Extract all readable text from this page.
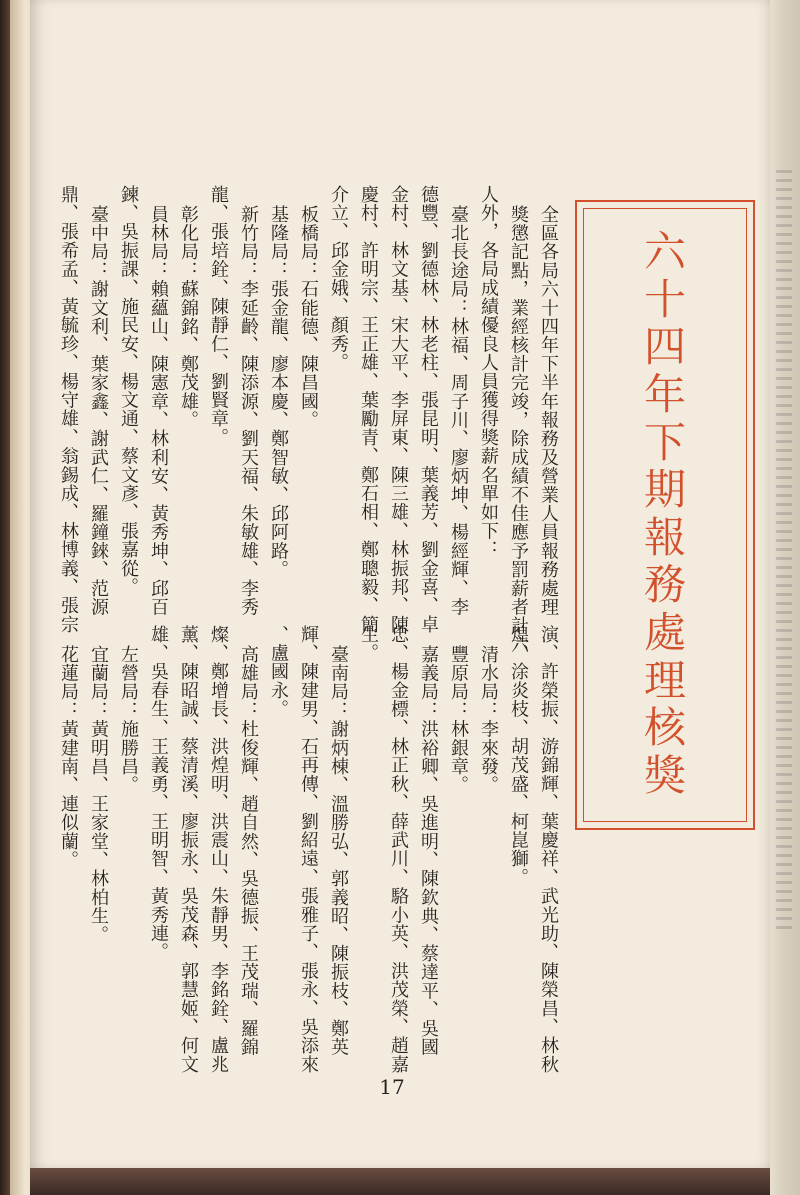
六
十
四
年
下
期
報
務
處
理
核
獎
全區各局六十四年下半年報務及營業人員報務處理
獎懲記點，業經核計完竣，除成績不佳應予罰薪者計六
人外，各局成績優良人員獲得獎薪名單如下：
臺北長途局：林福、周子川、廖炳坤、楊經輝、李
德豐、劉德林、林老柱、張昆明、葉義芳、劉金喜、卓
金村、林文基、宋大平、李屏東、陳三雄、林振邦、陳
慶村、許明宗、王正雄、葉勵青、鄭石相、鄭聰毅、簡
介立、邱金娥、顏秀。
板橋局：石能德、陳昌國。
基隆局：張金龍、廖本慶、鄭智敏、邱阿路。
新竹局：李延齡、陳添源、劉天福、朱敏雄、李秀
龍、張培銓、陳靜仁、劉賢章。
彰化局：蘇錦銘、鄭茂雄。
員林局：賴蘊山、陳憲章、林利安、黃秀坤、邱百
鍊、吳振課、施民安、楊文通、蔡文彥、張嘉從。
臺中局：謝文利、葉家鑫、謝武仁、羅鐘錸、范源
鼎、張希孟、黃毓珍、楊守雄、翁錫成、林博義、張宗
演、許榮振、游錦輝、葉慶祥、武光助、陳榮昌、林秋
煌、涂炎枝、胡茂盛、柯崑獅。
清水局：李來發。
豐原局：林銀章。
嘉義局：洪裕卿、吳進明、陳欽典、蔡達平、吳國
忠、楊金標、林正秋、薛武川、駱小英、洪茂榮、趙嘉
生。
臺南局：謝炳棟、溫勝弘、郭義昭、陳振枝、鄭英
輝、陳建男、石再傳、劉紹遠、張雅子、張永、吳添來
、盧國永。
高雄局：杜俊輝、趙自然、吳德振、王茂瑞、羅錦
燦、鄭增長、洪煌明、洪震山、朱靜男、李銘銓、盧兆
薰、陳昭誠、蔡清溪、廖振永、吳茂森、郭慧姬、何文
雄、吳春生、王義勇、王明智、黃秀連。
左營局：施勝昌。
宜蘭局：黃明昌、王家堂、林柏生。
花蓮局：黃建南、連似蘭。
17
